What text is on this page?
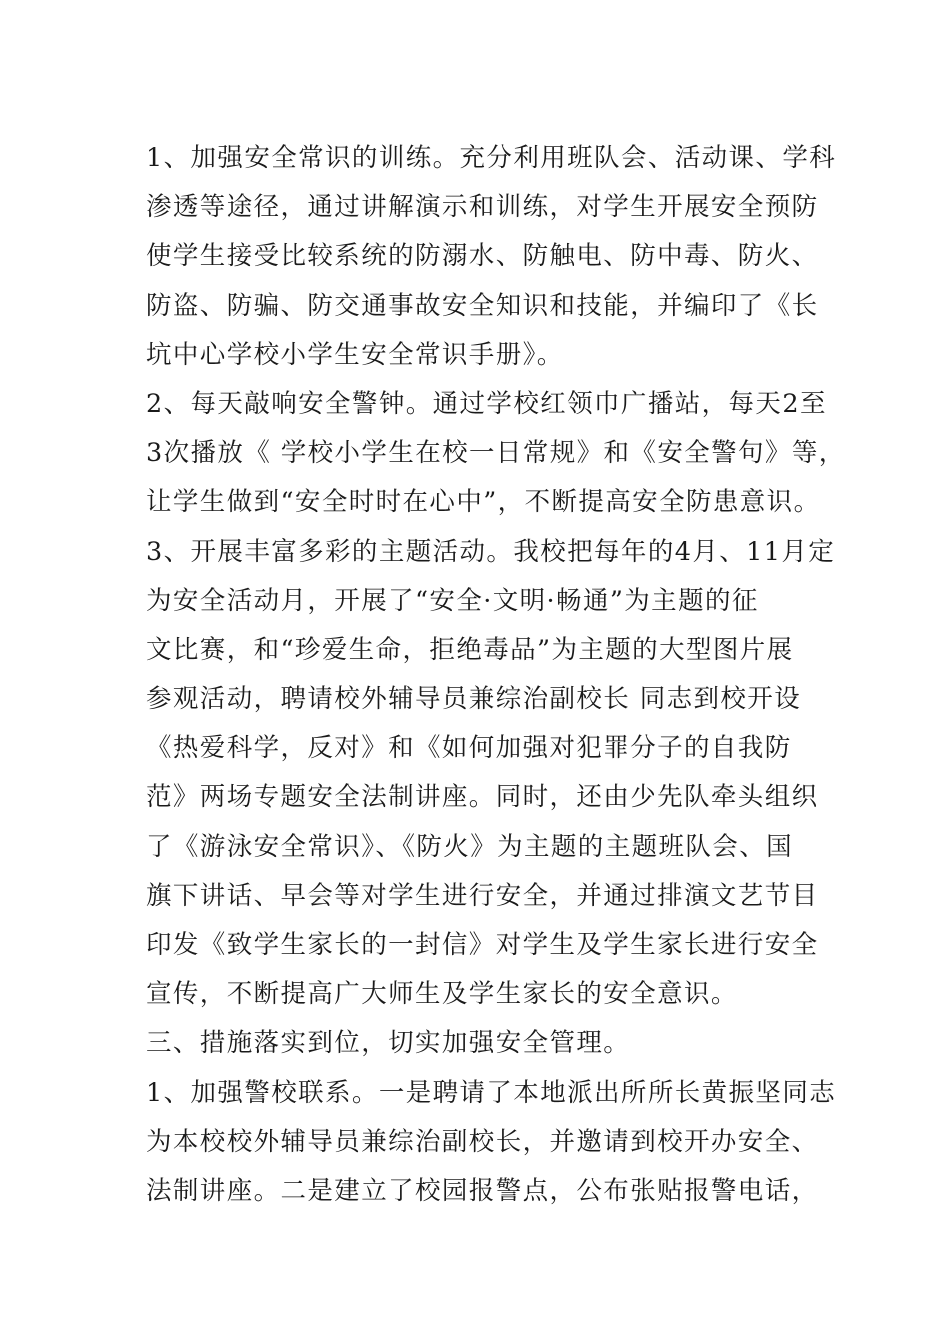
1、加强安全常识的训练。充分利用班队会、活动课、学科
渗透等途径，通过讲解演示和训练，对学生开展安全预防
使学生接受比较系统的防溺水、防触电、防中毒、防火、
防盗、防骗、防交通事故安全知识和技能，并编印了《长
坑中心学校小学生安全常识手册》。
2、每天敲响安全警钟。通过学校红领巾广播站，每天2至
3次播放《 学校小学生在校一日常规》和《安全警句》等，
让学生做到“安全时时在心中”，不断提高安全防患意识。
3、开展丰富多彩的主题活动。我校把每年的4月、11月定
为安全活动月，开展了“安全·文明·畅通”为主题的征
文比赛，和“珍爱生命，拒绝毒品”为主题的大型图片展
参观活动，聘请校外辅导员兼综治副校长 同志到校开设
《热爱科学，反对》和《如何加强对犯罪分子的自我防
范》两场专题安全法制讲座。同时，还由少先队牵头组织
了《游泳安全常识》、《防火》为主题的主题班队会、国
旗下讲话、早会等对学生进行安全，并通过排演文艺节目
印发《致学生家长的一封信》对学生及学生家长进行安全
宣传，不断提高广大师生及学生家长的安全意识。
三、措施落实到位，切实加强安全管理。
1、加强警校联系。一是聘请了本地派出所所长黄振坚同志
为本校校外辅导员兼综治副校长，并邀请到校开办安全、
法制讲座。二是建立了校园报警点，公布张贴报警电话，
